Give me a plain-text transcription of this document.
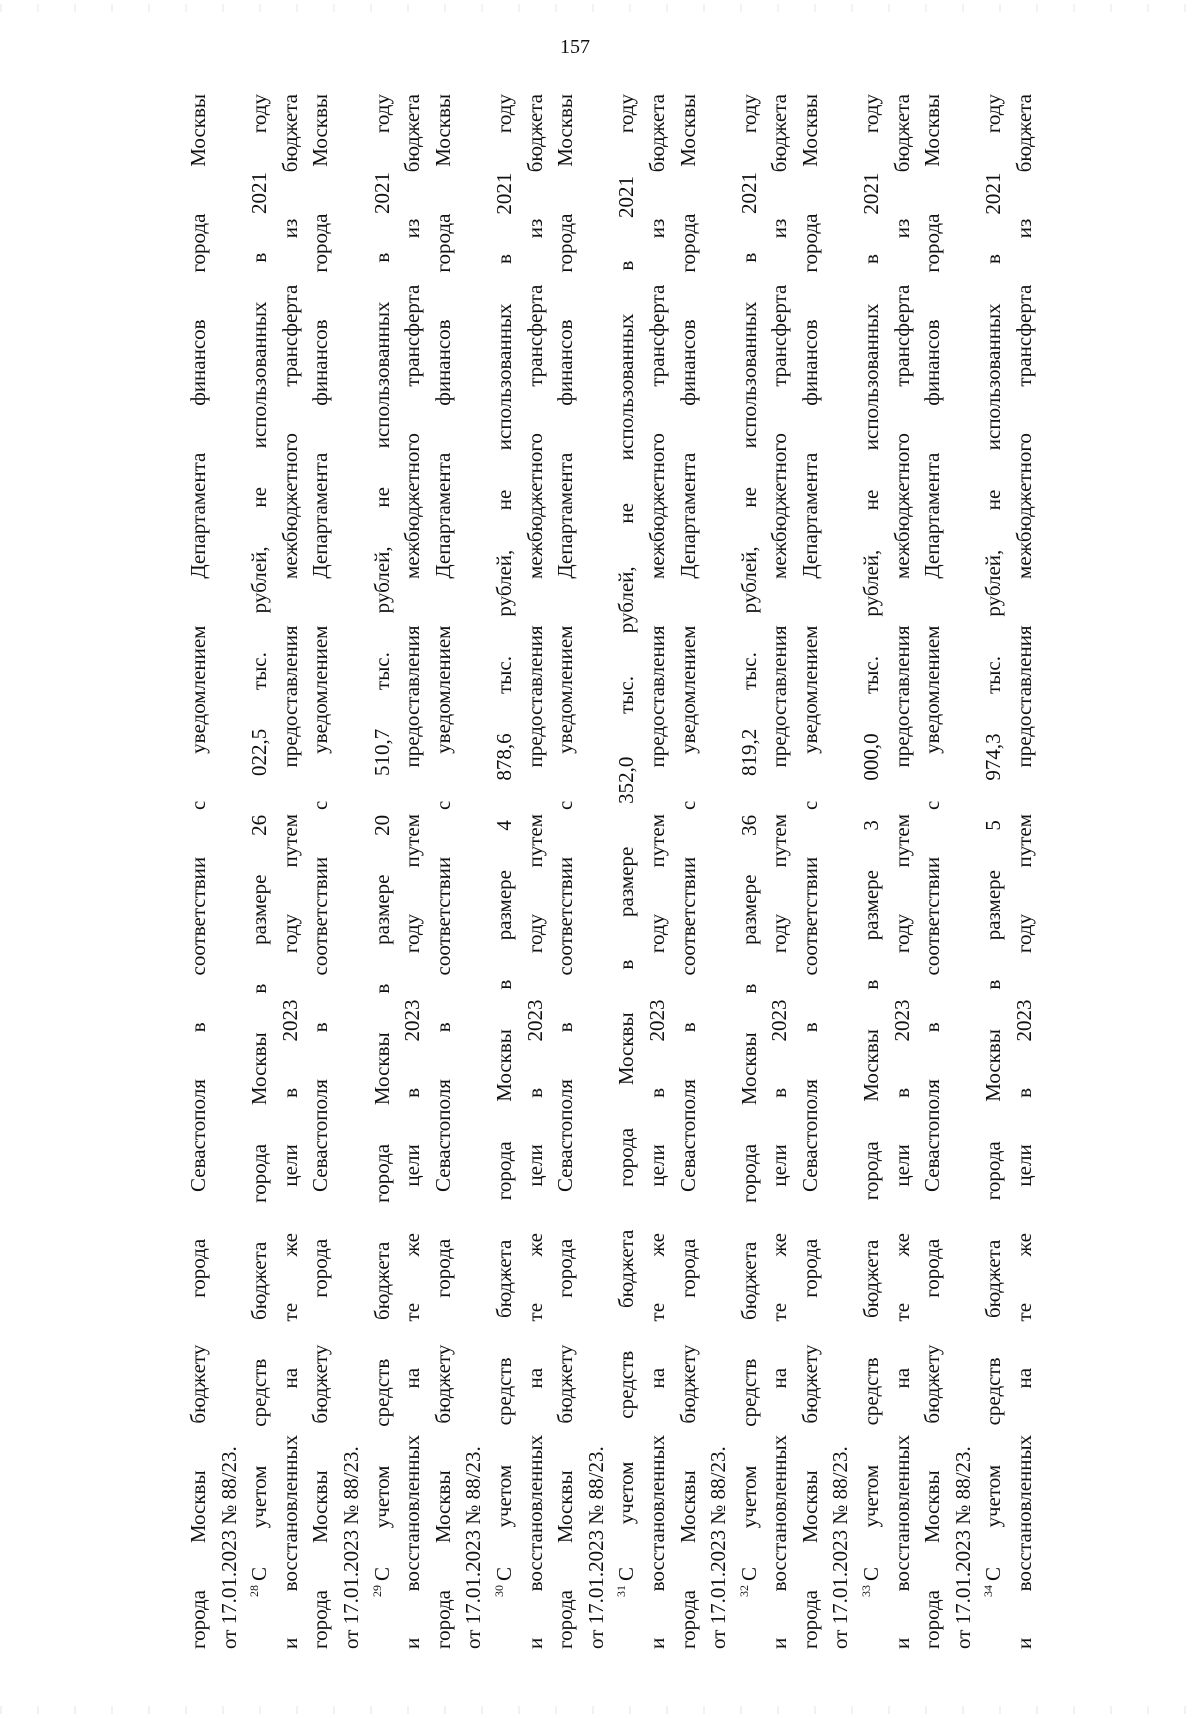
157
города Москвы бюджету города Севастополя в соответствии с уведомлением Департамента финансов города Москвы от 17.01.2023 № 88/23. $^{28}$С учетом средств бюджета города Москвы в размере 26 022,5 тыс. рублей, не использованных в 2021 году и восстановленных на те же цели в 2023 году путем предоставления межбюджетного трансферта из бюджета города Москвы бюджету города Севастополя в соответствии с уведомлением Департамента финансов города Москвы от 17.01.2023 № 88/23. $^{29}$С учетом средств бюджета города Москвы в размере 20 510,7 тыс. рублей, не использованных в 2021 году и восстановленных на те же цели в 2023 году путем предоставления межбюджетного трансферта из бюджета города Москвы бюджету города Севастополя в соответствии с уведомлением Департамента финансов города Москвы от 17.01.2023 № 88/23. $^{30}$С учетом средств бюджета города Москвы в размере 4 878,6 тыс. рублей, не использованных в 2021 году и восстановленных на те же цели в 2023 году путем предоставления межбюджетного трансферта из бюджета города Москвы бюджету города Севастополя в соответствии с уведомлением Департамента финансов города Москвы от 17.01.2023 № 88/23. $^{31}$С учетом средств бюджета города Москвы в размере 352,0 тыс. рублей, не использованных в 2021 году и восстановленных на те же цели в 2023 году путем предоставления межбюджетного трансферта из бюджета города Москвы бюджету города Севастополя в соответствии с уведомлением Департамента финансов города Москвы от 17.01.2023 № 88/23. $^{32}$С учетом средств бюджета города Москвы в размере 36 819,2 тыс. рублей, не использованных в 2021 году и восстановленных на те же цели в 2023 году путем предоставления межбюджетного трансферта из бюджета города Москвы бюджету города Севастополя в соответствии с уведомлением Департамента финансов города Москвы от 17.01.2023 № 88/23. $^{33}$С учетом средств бюджета города Москвы в размере 3 000,0 тыс. рублей, не использованных в 2021 году и восстановленных на те же цели в 2023 году путем предоставления межбюджетного трансферта из бюджета города Москвы бюджету города Севастополя в соответствии с уведомлением Департамента финансов города Москвы от 17.01.2023 № 88/23. $^{34}$С учетом средств бюджета города Москвы в размере 5 974,3 тыс. рублей, не использованных в 2021 году и восстановленных на те же цели в 2023 году путем предоставления межбюджетного трансферта из бюджета
